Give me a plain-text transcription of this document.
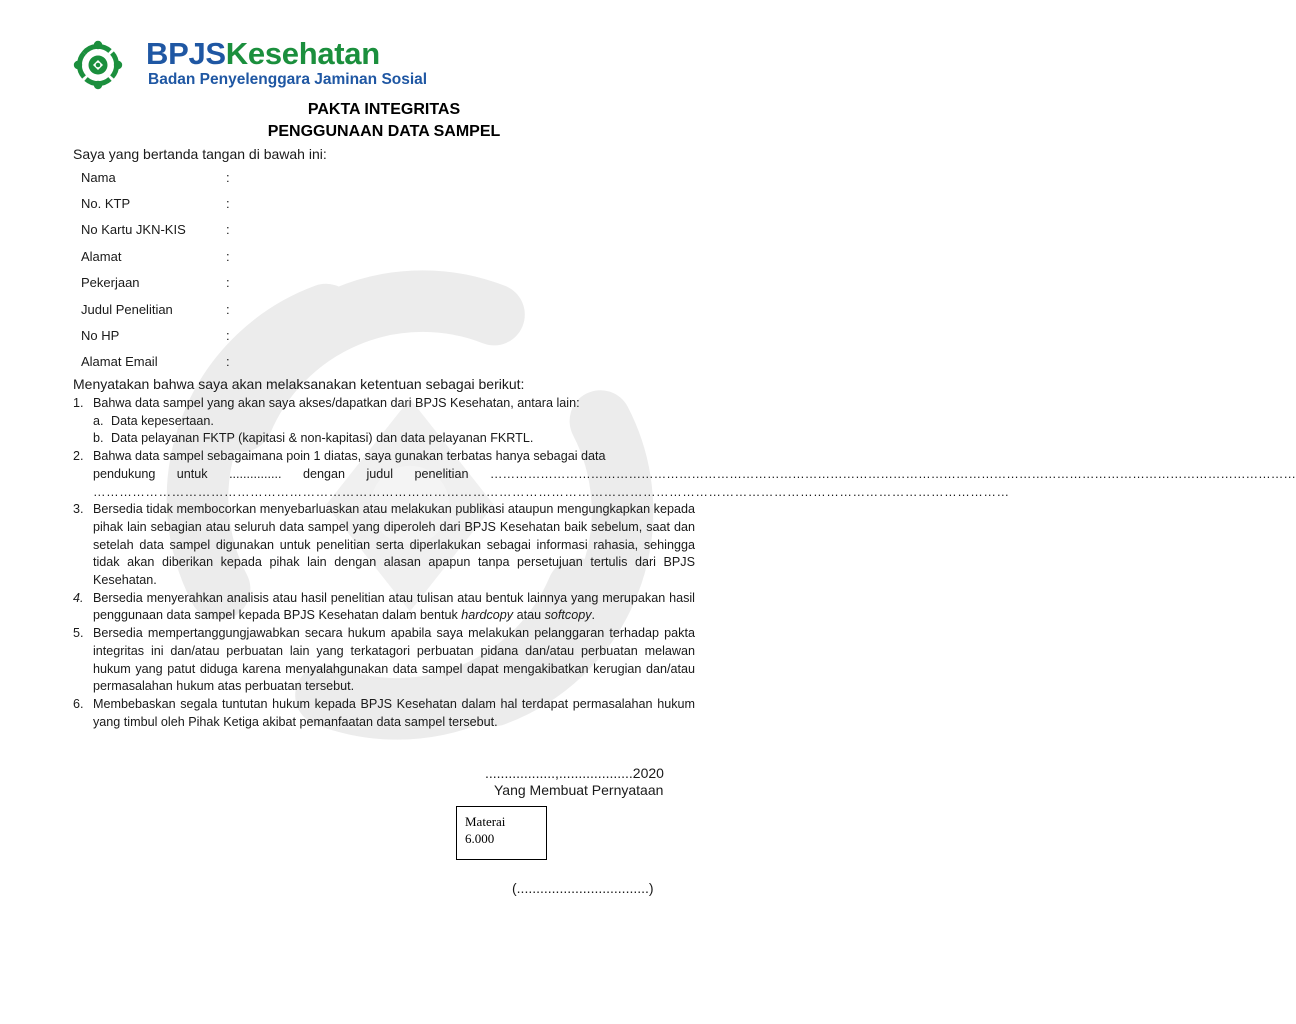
BPJSKesehatan
Badan Penyelenggara Jaminan Sosial
PAKTA INTEGRITAS
PENGGUNAAN DATA SAMPEL
Saya yang bertanda tangan di bawah ini:
Nama	:
No. KTP	:
No Kartu JKN-KIS	:
Alamat	:
Pekerjaan	:
Judul Penelitian	:
No HP	:
Alamat Email	:
Menyatakan bahwa saya akan melaksanakan ketentuan sebagai berikut:
1. Bahwa data sampel yang akan saya akses/dapatkan dari BPJS Kesehatan, antara lain:
a. Data kepesertaan.
b. Data pelayanan FKTP (kapitasi & non-kapitasi) dan data pelayanan FKRTL.
2. Bahwa data sampel sebagaimana poin 1 diatas, saya gunakan terbatas hanya sebagai data
pendukung untuk ............... dengan judul penelitian …………………………………………………………………………………………………………………………………………………………………………
…………………………………………………………………………………………………………………………………………………………………………………………
3. Bersedia tidak membocorkan menyebarluaskan atau melakukan publikasi ataupun mengungkapkan kepada pihak lain sebagian atau seluruh data sampel yang diperoleh dari BPJS Kesehatan baik sebelum, saat dan setelah data sampel digunakan untuk penelitian serta diperlakukan sebagai informasi rahasia, sehingga tidak akan diberikan kepada pihak lain dengan alasan apapun tanpa persetujuan tertulis dari BPJS Kesehatan.
4. Bersedia menyerahkan analisis atau hasil penelitian atau tulisan atau bentuk lainnya yang merupakan hasil penggunaan data sampel kepada BPJS Kesehatan dalam bentuk hardcopy atau softcopy.
5. Bersedia mempertanggungjawabkan secara hukum apabila saya melakukan pelanggaran terhadap pakta integritas ini dan/atau perbuatan lain yang terkatagori perbuatan pidana dan/atau perbuatan melawan hukum yang patut diduga karena menyalahgunakan data sampel dapat mengakibatkan kerugian dan/atau permasalahan hukum atas perbuatan tersebut.
6. Membebaskan segala tuntutan hukum kepada BPJS Kesehatan dalam hal terdapat permasalahan hukum yang timbul oleh Pihak Ketiga akibat pemanfaatan data sampel tersebut.
..................,...................2020
Yang Membuat Pernyataan
Materai
6.000
(..................................)
